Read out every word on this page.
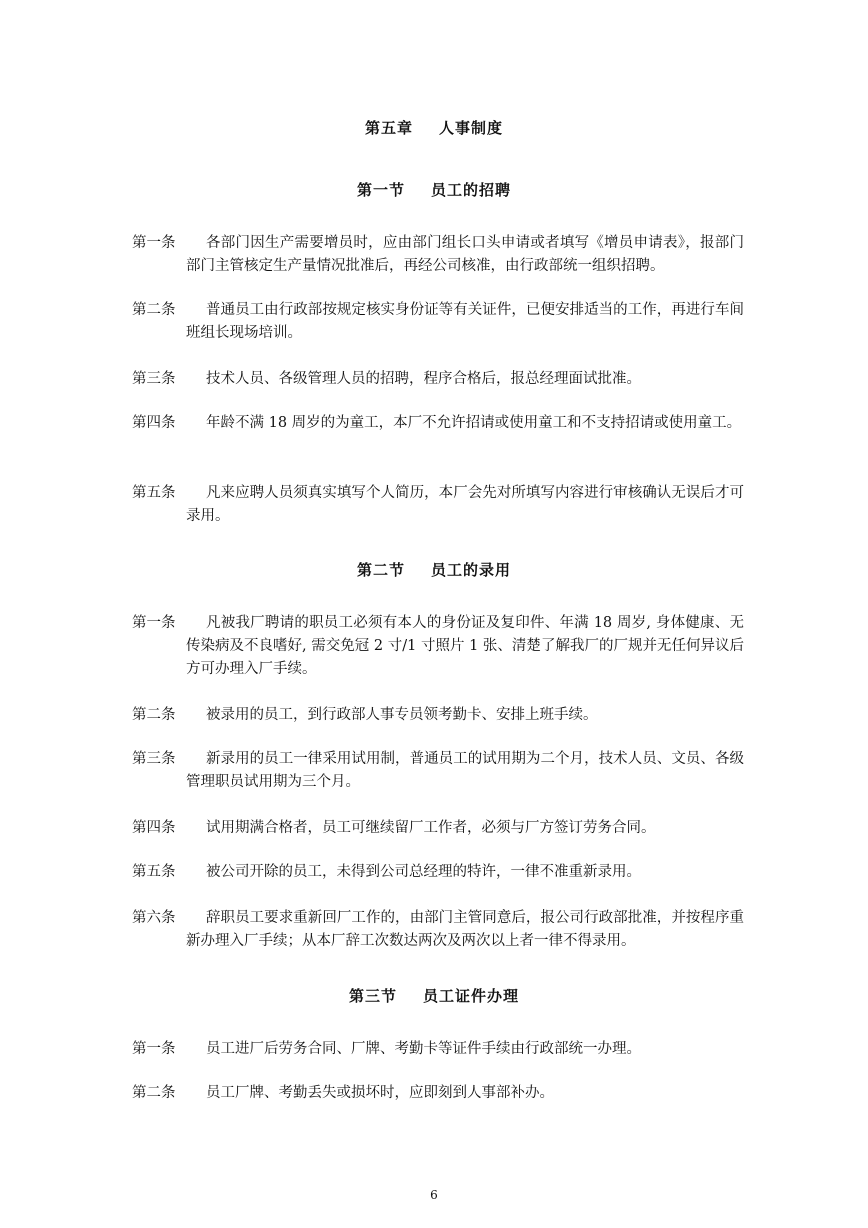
第五章 人事制度
第一节 员工的招聘
第一条	各部门因生产需要增员时，应由部门组长口头申请或者填写《增员申请表》，报部门部门主管核定生产量情况批准后，再经公司核准，由行政部统一组织招聘。
第二条	普通员工由行政部按规定核实身份证等有关证件，已便安排适当的工作，再进行车间班组长现场培训。
第三条	技术人员、各级管理人员的招聘，程序合格后，报总经理面试批准。
第四条	年龄不满 18 周岁的为童工，本厂不允许招请或使用童工和不支持招请或使用童工。
第五条	凡来应聘人员须真实填写个人简历，本厂会先对所填写内容进行审核确认无误后才可录用。
第二节 员工的录用
第一条	凡被我厂聘请的职员工必须有本人的身份证及复印件、年满 18 周岁, 身体健康、无传染病及不良嗜好, 需交免冠 2 寸/1 寸照片 1 张、清楚了解我厂的厂规并无任何异议后方可办理入厂手续。
第二条	被录用的员工，到行政部人事专员领考勤卡、安排上班手续。
第三条	新录用的员工一律采用试用制，普通员工的试用期为二个月，技术人员、文员、各级管理职员试用期为三个月。
第四条	试用期满合格者，员工可继续留厂工作者，必须与厂方签订劳务合同。
第五条	被公司开除的员工，未得到公司总经理的特许，一律不准重新录用。
第六条	辞职员工要求重新回厂工作的，由部门主管同意后，报公司行政部批准，并按程序重新办理入厂手续；从本厂辞工次数达两次及两次以上者一律不得录用。
第三节 员工证件办理
第一条	员工进厂后劳务合同、厂牌、考勤卡等证件手续由行政部统一办理。
第二条	员工厂牌、考勤丢失或损坏时，应即刻到人事部补办。
6
